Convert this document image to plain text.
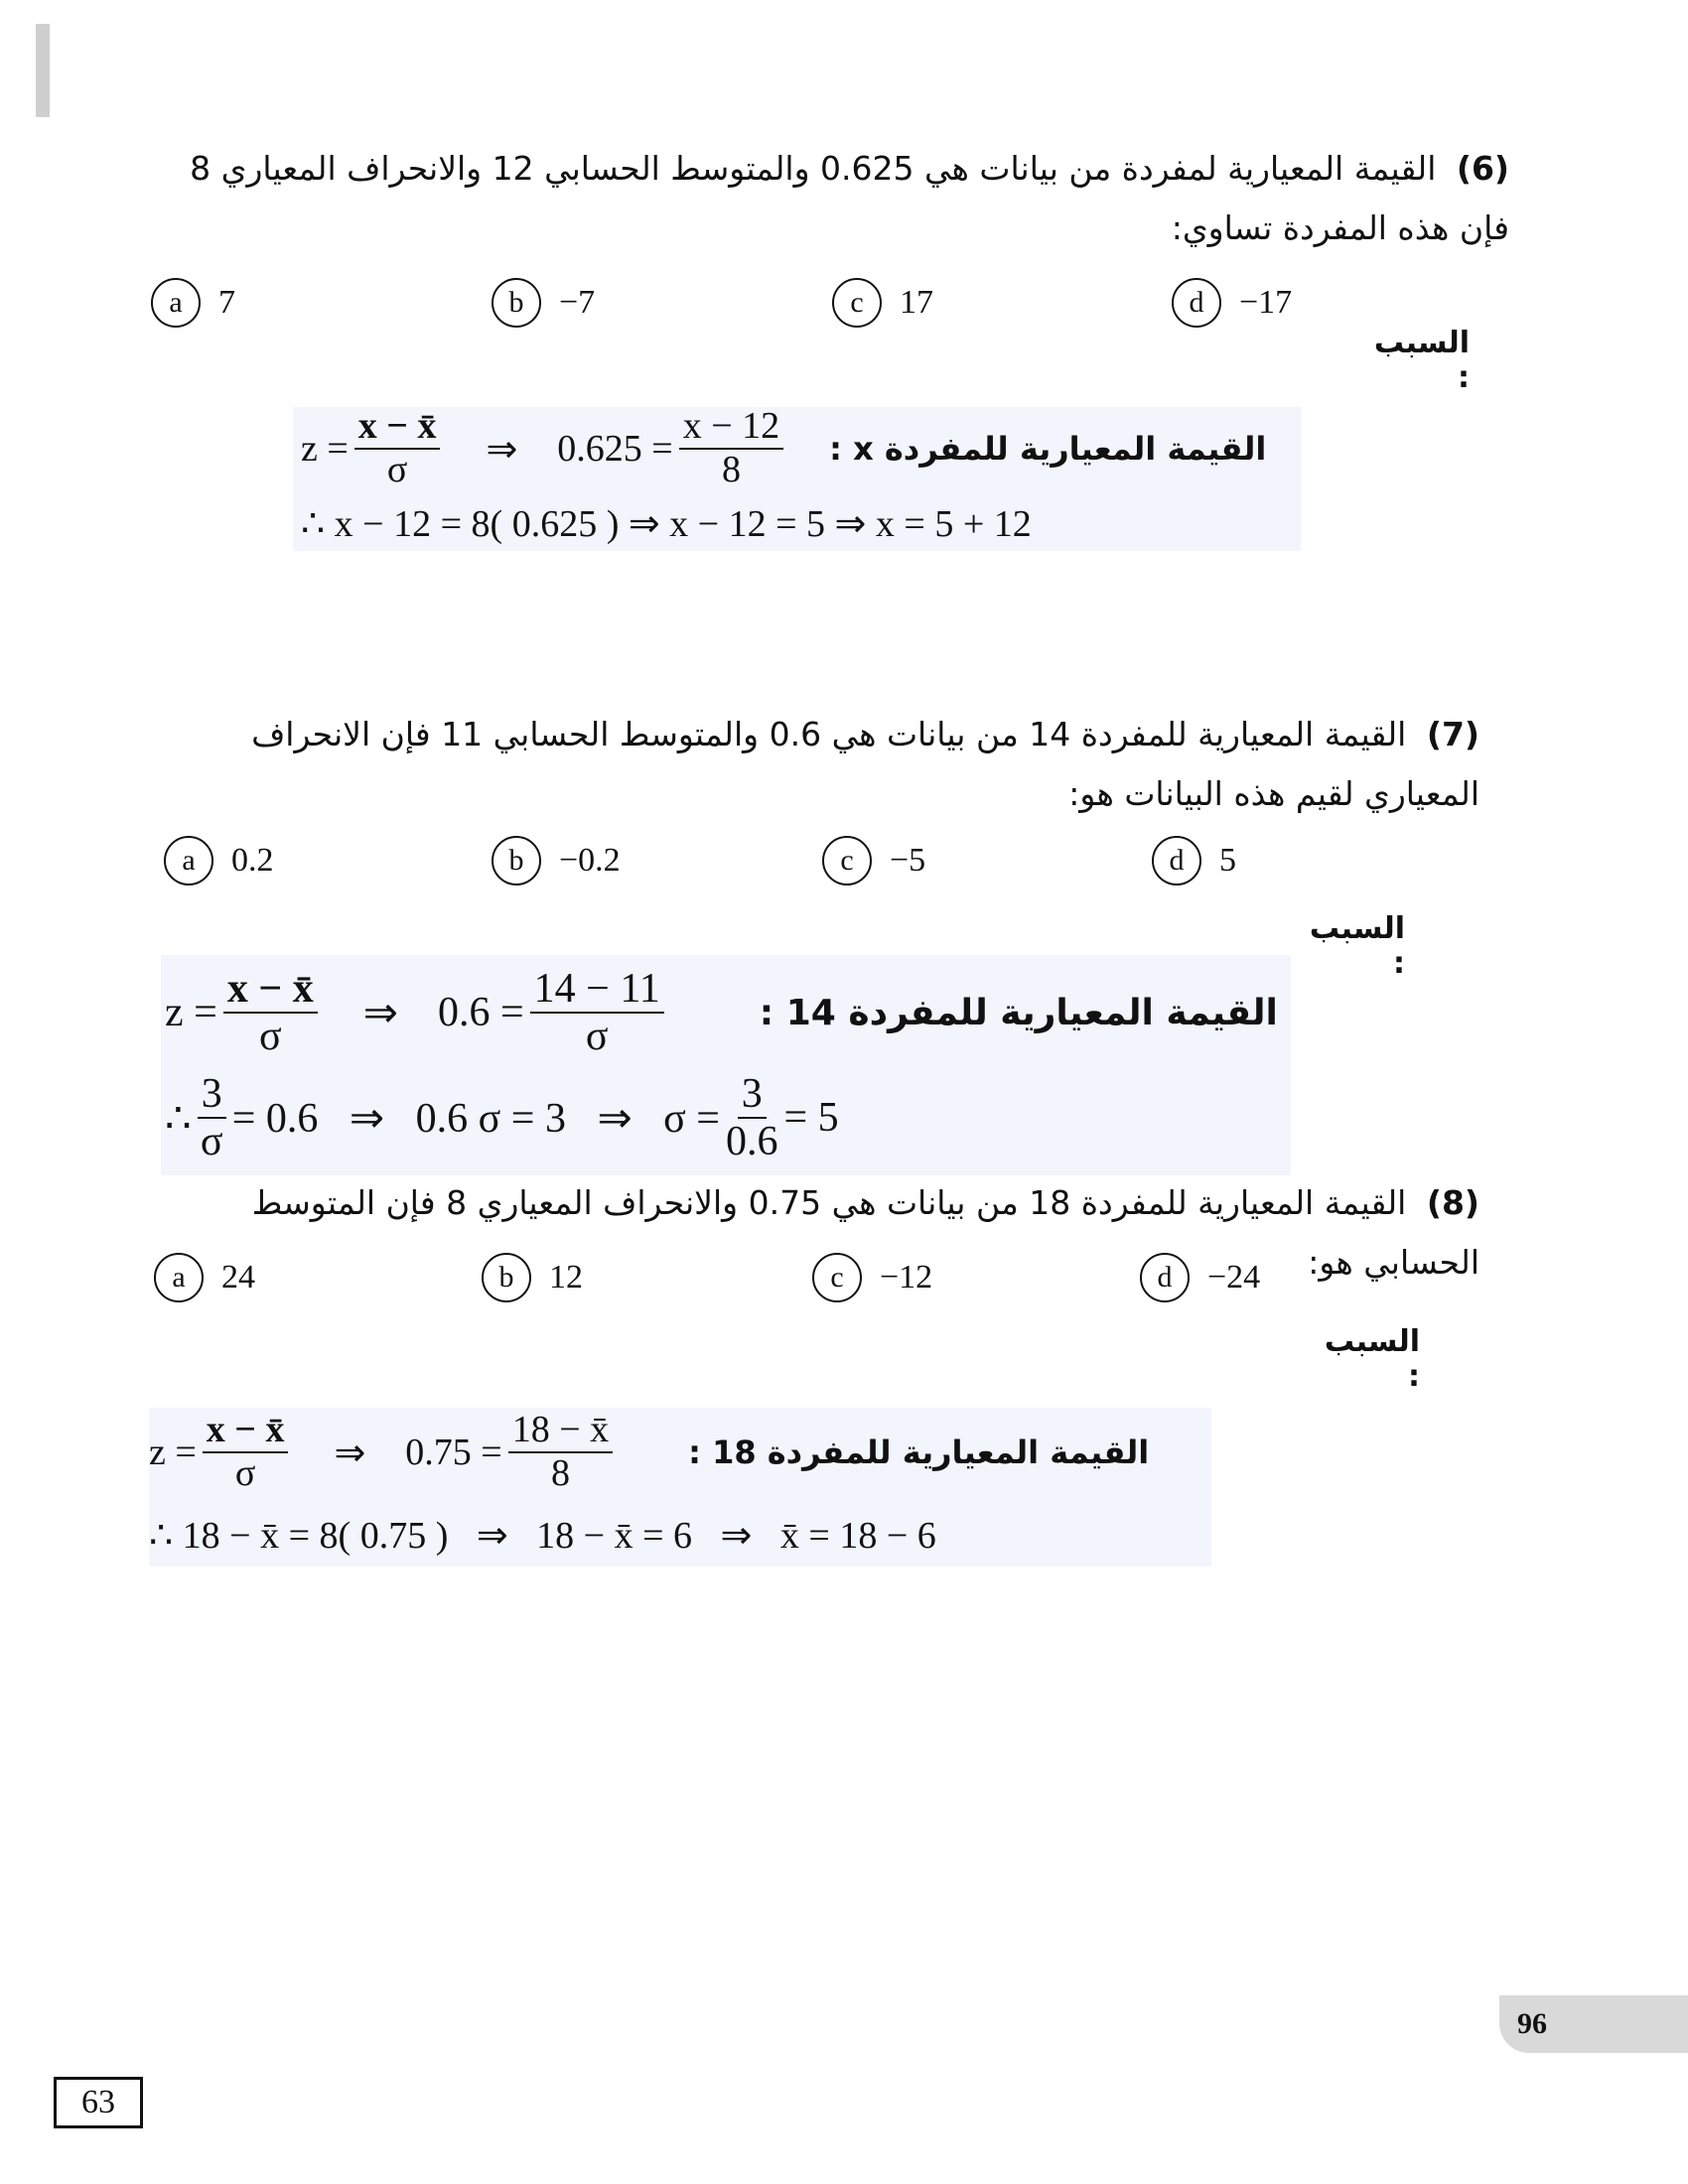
(6) القيمة المعيارية لمفردة من بيانات هي 0.625 والمتوسط الحسابي 12 والانحراف المعياري 8 فإن هذه المفردة تساوي:
a	7	b	−7	c	17	d	−17
السبب :
$z = \frac{x - x̄}{\sigma}$ ⇒ $0.625 = \frac{x - 12}{8}$ القيمة المعيارية للمفردة x :
∴ x − 12 = 8( 0.625 ) ⇒ x − 12 = 5 ⇒ x = 5 + 12
(7) القيمة المعيارية للمفردة 14 من بيانات هي 0.6 والمتوسط الحسابي 11 فإن الانحراف المعياري لقيم هذه البيانات هو:
a	0.2	b	−0.2	c	−5	d	5
السبب :
$z = \frac{x - x̄}{\sigma}$ ⇒ $0.6 = \frac{14 - 11}{\sigma}$	القيمة المعيارية للمفردة 14 :
∴ $\frac{3}{\sigma} = 0.6$   ⇒   0.6 σ = 3   ⇒   $\sigma = \frac{3}{0.6} = 5$
(8) القيمة المعيارية للمفردة 18 من بيانات هي 0.75 والانحراف المعياري 8 فإن المتوسط الحسابي هو:
a	24	b	12	c	−12	d	−24
السبب :
$z = \frac{x - x̄}{\sigma}$ ⇒ $0.75 = \frac{18 - x̄}{8}$ القيمة المعيارية للمفردة 18 :
∴ 18 − x̄ = 8( 0.75 )   ⇒   18 − x̄ = 6   ⇒   x̄ = 18 − 6
96
63
